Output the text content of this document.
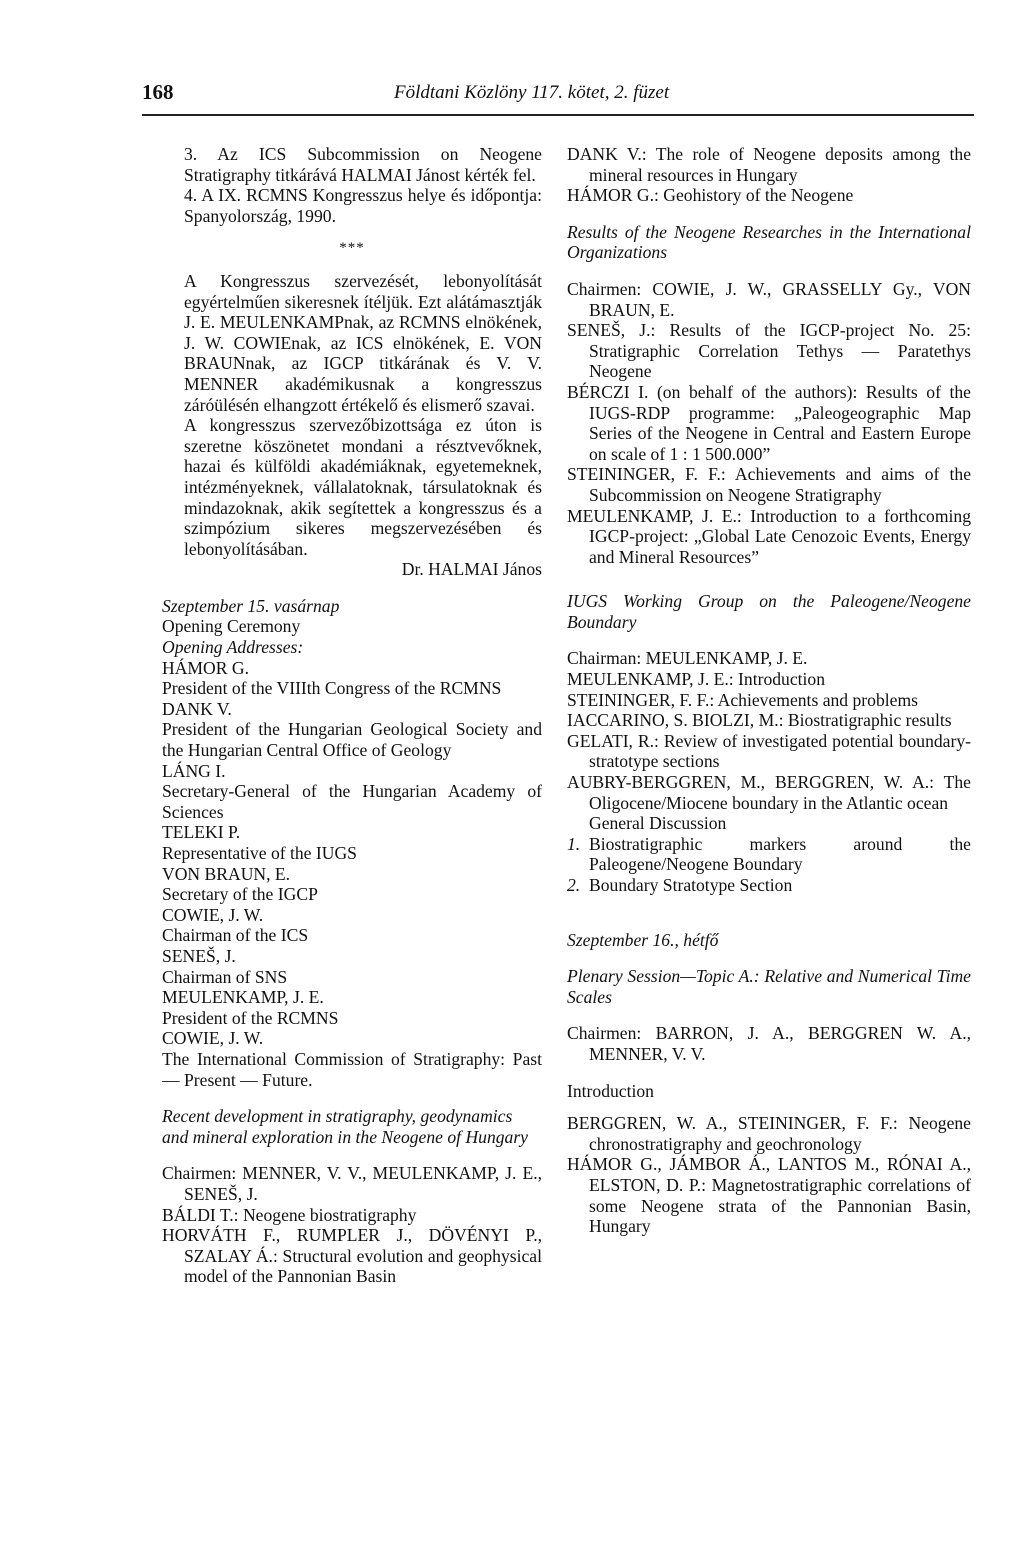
168	Földtani Közlöny 117. kötet, 2. füzet

3. Az ICS Subcommission on Neogene Stratigraphy titkárává HALMAI Jánost kérték fel.

4. A IX. RCMNS Kongresszus helye és időpontja: Spanyolország, 1990.

***

A Kongresszus szervezését, lebonyolítását egyértelműen sikeresnek ítéljük. Ezt alátámasztják J. E. MEULENKAMPnak, az RCMNS elnökének, J. W. COWIEnak, az ICS elnökének, E. VON BRAUNnak, az IGCP titkárának és V. V. MENNER akadémikusnak a kongresszus záróülésén elhangzott értékelő és elismerő szavai.

A kongresszus szervezőbizottsága ez úton is szeretne köszönetet mondani a résztvevőknek, hazai és külföldi akadémiáknak, egyetemeknek, intézményeknek, vállalatoknak, társulatoknak és mindazoknak, akik segítettek a kongresszus és a szimpózium sikeres megszervezésében és lebonyolításában.

Dr. HALMAI János

Szeptember 15. vasárnap

Opening Ceremony

Opening Addresses:

HÁMOR G.

President of the VIIIth Congress of the RCMNS

DANK V.

President of the Hungarian Geological Society and the Hungarian Central Office of Geology

LÁNG I.

Secretary-General of the Hungarian Academy of Sciences

TELEKI P.

Representative of the IUGS

VON BRAUN, E.

Secretary of the IGCP

COWIE, J. W.

Chairman of the ICS

SENEŠ, J.

Chairman of SNS

MEULENKAMP, J. E.

President of the RCMNS

COWIE, J. W.

The International Commission of Stratigraphy: Past — Present — Future.

Recent development in stratigraphy, geodynamics and mineral exploration in the Neogene of Hungary

Chairmen: MENNER, V. V., MEULENKAMP, J. E., SENEŠ, J.

BÁLDI T.: Neogene biostratigraphy

HORVÁTH F., RUMPLER J., DÖVÉNYI P., SZALAY Á.: Structural evolution and geophysical model of the Pannonian Basin

DANK V.: The role of Neogene deposits among the mineral resources in Hungary

HÁMOR G.: Geohistory of the Neogene

Results of the Neogene Researches in the International Organizations

Chairmen: COWIE, J. W., GRASSELLY Gy., VON BRAUN, E.

SENEŠ, J.: Results of the IGCP-project No. 25: Stratigraphic Correlation Tethys — Paratethys Neogene

BÉRCZI I. (on behalf of the authors): Results of the IUGS-RDP programme: „Paleogeographic Map Series of the Neogene in Central and Eastern Europe on scale of 1 : 1 500.000”

STEININGER, F. F.: Achievements and aims of the Subcommission on Neogene Stratigraphy

MEULENKAMP, J. E.: Introduction to a forthcoming IGCP-project: „Global Late Cenozoic Events, Energy and Mineral Resources”

IUGS Working Group on the Paleogene/Neogene Boundary

Chairman: MEULENKAMP, J. E.

MEULENKAMP, J. E.: Introduction

STEININGER, F. F.: Achievements and problems

IACCARINO, S. BIOLZI, M.: Biostratigraphic results

GELATI, R.: Review of investigated potential boundary-stratotype sections

AUBRY-BERGGREN, M., BERGGREN, W. A.: The Oligocene/Miocene boundary in the Atlantic ocean

General Discussion

1. Biostratigraphic markers around the Paleogene/Neogene Boundary

2. Boundary Stratotype Section

Szeptember 16., hétfő

Plenary Session—Topic A.: Relative and Numerical Time Scales

Chairmen: BARRON, J. A., BERGGREN W. A., MENNER, V. V.

Introduction

BERGGREN, W. A., STEININGER, F. F.: Neogene chronostratigraphy and geochronology

HÁMOR G., JÁMBOR Á., LANTOS M., RÓNAI A., ELSTON, D. P.: Magnetostratigraphic correlations of some Neogene strata of the Pannonian Basin, Hungary
